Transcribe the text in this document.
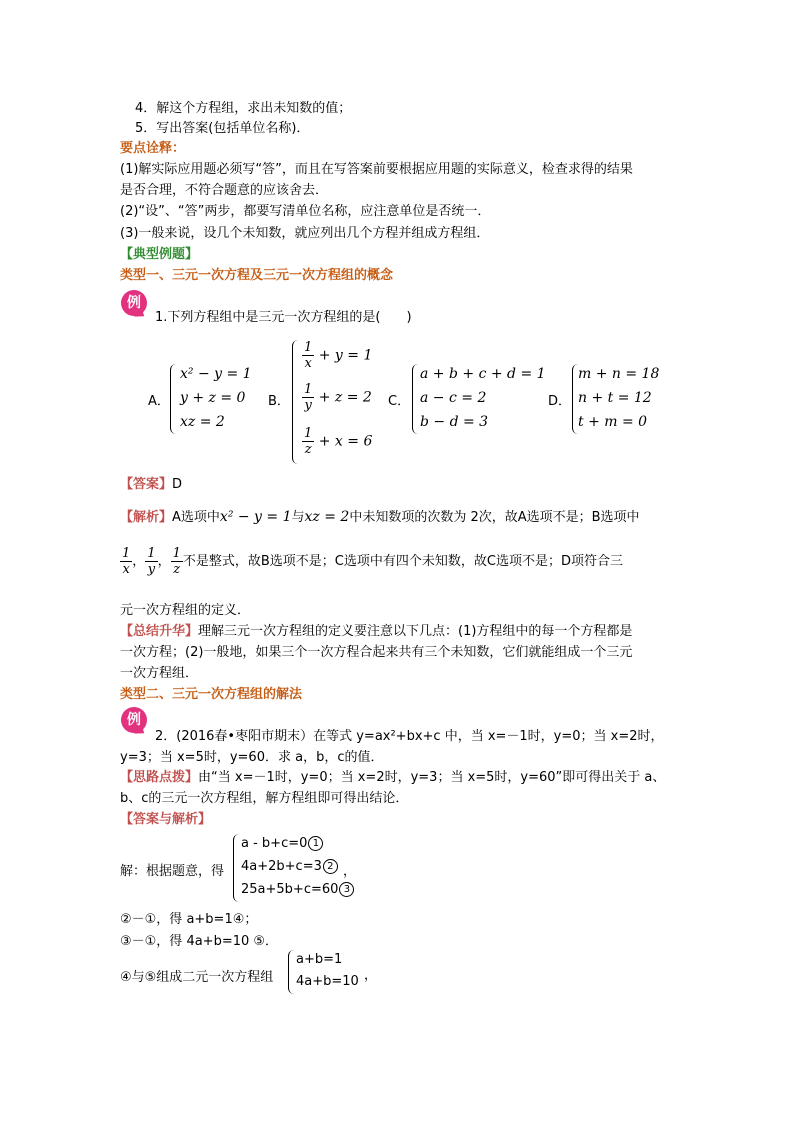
4．解这个方程组，求出未知数的值；
5．写出答案(包括单位名称)．
要点诠释：
(1)解实际应用题必须写“答”，而且在写答案前要根据应用题的实际意义，检查求得的结果
是否合理，不符合题意的应该舍去．
(2)“设”、“答”两步，都要写清单位名称，应注意单位是否统一．
(3)一般来说，设几个未知数，就应列出几个方程并组成方程组．
【典型例题】
类型一、三元一次方程及三元一次方程组的概念
例
1.下列方程组中是三元一次方程组的是(　　)
A．
x² − y = 1
y + z = 0
xz = 2
B．
$\frac{1}{x} + y = 1$
$\frac{1}{y} + z = 2$
$\frac{1}{z} + x = 6$
C．
a + b + c + d = 1
a − c = 2
b − d = 3
D．
m + n = 18
n + t = 12
t + m = 0
【答案】D
【解析】A选项中x² − y = 1与xz = 2中未知数项的次数为 2次，故A选项不是；B选项中
$\frac{1}{x}$ ， $\frac{1}{y}$ ， $\frac{1}{z}$ 不是整式，故B选项不是；C选项中有四个未知数，故C选项不是；D项符合三
元一次方程组的定义．
【总结升华】理解三元一次方程组的定义要注意以下几点：(1)方程组中的每一个方程都是
一次方程；(2)一般地，如果三个一次方程合起来共有三个未知数，它们就能组成一个三元
一次方程组．
类型二、三元一次方程组的解法
例
2．(2016春•枣阳市期末）在等式 y=ax²+bx+c 中，当 x=－1时，y=0；当 x=2时，
y=3；当 x=5时，y=60．求 a，b，c的值．
【思路点拨】由“当 x=－1时，y=0；当 x=2时，y=3；当 x=5时，y=60”即可得出关于 a、
b、c的三元一次方程组，解方程组即可得出结论．
【答案与解析】
解：根据题意，得
a - b+c=0 1
4a+2b+c=3 2
25a+5b+c=60 3
，
②－①，得 a+b=1④；
③－①，得 4a+b=10 ⑤．
④与⑤组成二元一次方程组
a+b=1
4a+b=10 ，
